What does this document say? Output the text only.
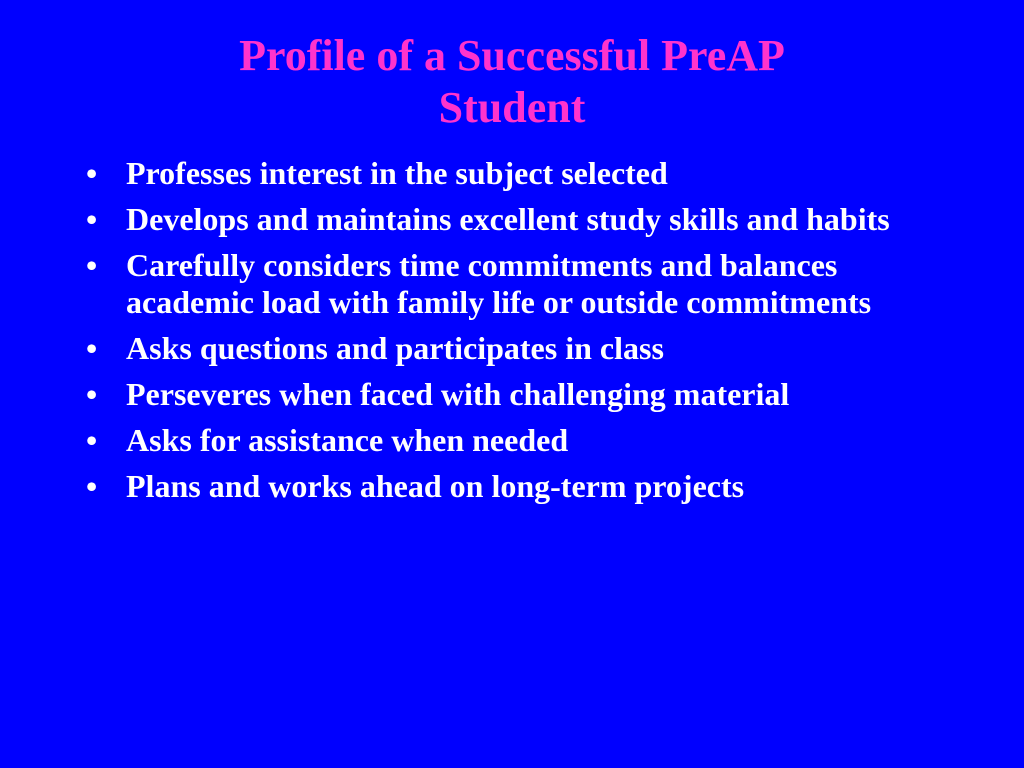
Profile of a Successful PreAP
Student
• Professes interest in the subject selected
• Develops and maintains excellent study skills and habits
• Carefully considers time commitments and balances academic load with family life or outside commitments
• Asks questions and participates in class
• Perseveres when faced with challenging material
• Asks for assistance when needed
• Plans and works ahead on long-term projects
